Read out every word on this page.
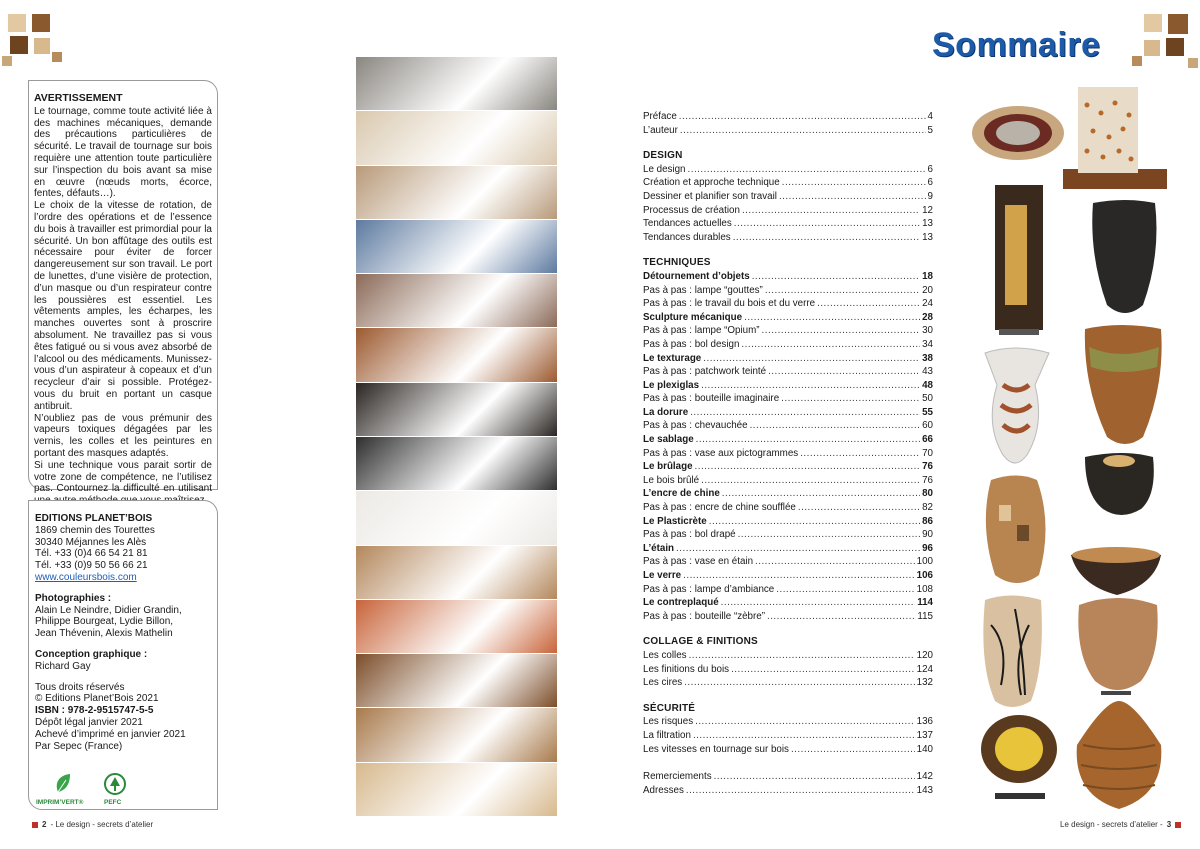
AVERTISSEMENT

Le tournage, comme toute activité liée à des machines mécaniques, demande des précautions particulières de sécurité. Le travail de tournage sur bois requière une attention toute particulière sur l’inspection du bois avant sa mise en œuvre (nœuds morts, écorce, fentes, défauts…).

Le choix de la vitesse de rotation, de l’ordre des opérations et de l’essence du bois à travailler est primordial pour la sécurité. Un bon affûtage des outils est nécessaire pour éviter de forcer dangereusement sur son travail. Le port de lunettes, d’une visière de protection, d’un masque ou d’un respirateur contre les poussières est essentiel. Les vêtements amples, les écharpes, les manches ouvertes sont à proscrire absolument. Ne travaillez pas si vous êtes fatigué ou si vous avez absorbé de l’alcool ou des médicaments. Munissez-vous d’un aspirateur à copeaux et d’un recycleur d’air si possible. Protégez-vous du bruit en portant un casque antibruit.

N’oubliez pas de vous prémunir des vapeurs toxiques dégagées par les vernis, les colles et les peintures en portant des masques adaptés.

Si une technique vous parait sortir de votre zone de compétence, ne l’utilisez pas. Contournez la difficulté en utilisant

EDITIONS PLANET’BOIS
1869 chemin des Tourettes
30340 Méjannes les Alès
Tél. +33 (0)4 66 54 21 81
Tél. +33 (0)9 50 56 66 21
www.couleursbois.com
Photographies :
Alain Le Neindre, Didier Grandin,
Philippe Bourgeat, Lydie Billon,
Jean Thévenin, Alexis Mathelin
Conception graphique :
Richard Gay
Tous droits réservés
© Editions Planet’Bois 2021
ISBN : 978-2-9515747-5-5
Dépôt légal janvier 2021
Achevé d’imprimé en janvier 2021
Par Sepec (France)
IMPRIM’VERT®	PEFC
2 - Le design - secrets d’atelier
Sommaire
Préface .....	4
L’auteur .....	5
DESIGN
Le design .....	6
Création et approche technique .....	6
Dessiner et planifier son travail .....	9
Processus de création .....	12
Tendances actuelles .....	13
Tendances durables .....	13
TECHNIQUES
Détournement d’objets .....	18
Pas à pas : lampe “gouttes” .....	20
Pas à pas : le travail du bois et du verre .....	24
Sculpture mécanique .....	28
Pas à pas : lampe “Opium” .....	30
Pas à pas : bol design .....	34
Le texturage .....	38
Pas à pas : patchwork teinté .....	43
Le plexiglas .....	48
Pas à pas : bouteille imaginaire .....	50
La dorure .....	55
Pas à pas : chevauchée .....	60
Le sablage .....	66
Pas à pas : vase aux pictogrammes .....	70
Le brûlage .....	76
Le bois brûlé .....	76
L’encre de chine .....	80
Pas à pas : encre de chine soufflée .....	82
Le Plasticrète .....	86
Pas à pas : bol drapé .....	90
L’étain .....	96
Pas à pas : vase en étain .....	100
Le verre .....	106
Pas à pas : lampe d’ambiance .....	108
Le contreplaqué .....	114
Pas à pas : bouteille “zèbre” .....	115
COLLAGE & FINITIONS
Les colles .....	120
Les finitions du bois .....	124
Les cires .....	132
SÉCURITÉ
Les risques .....	136
La filtration .....	137
Les vitesses en tournage sur bois .....	140
Remerciements .....	142
Adresses .....	143
Le design - secrets d’atelier - 3
